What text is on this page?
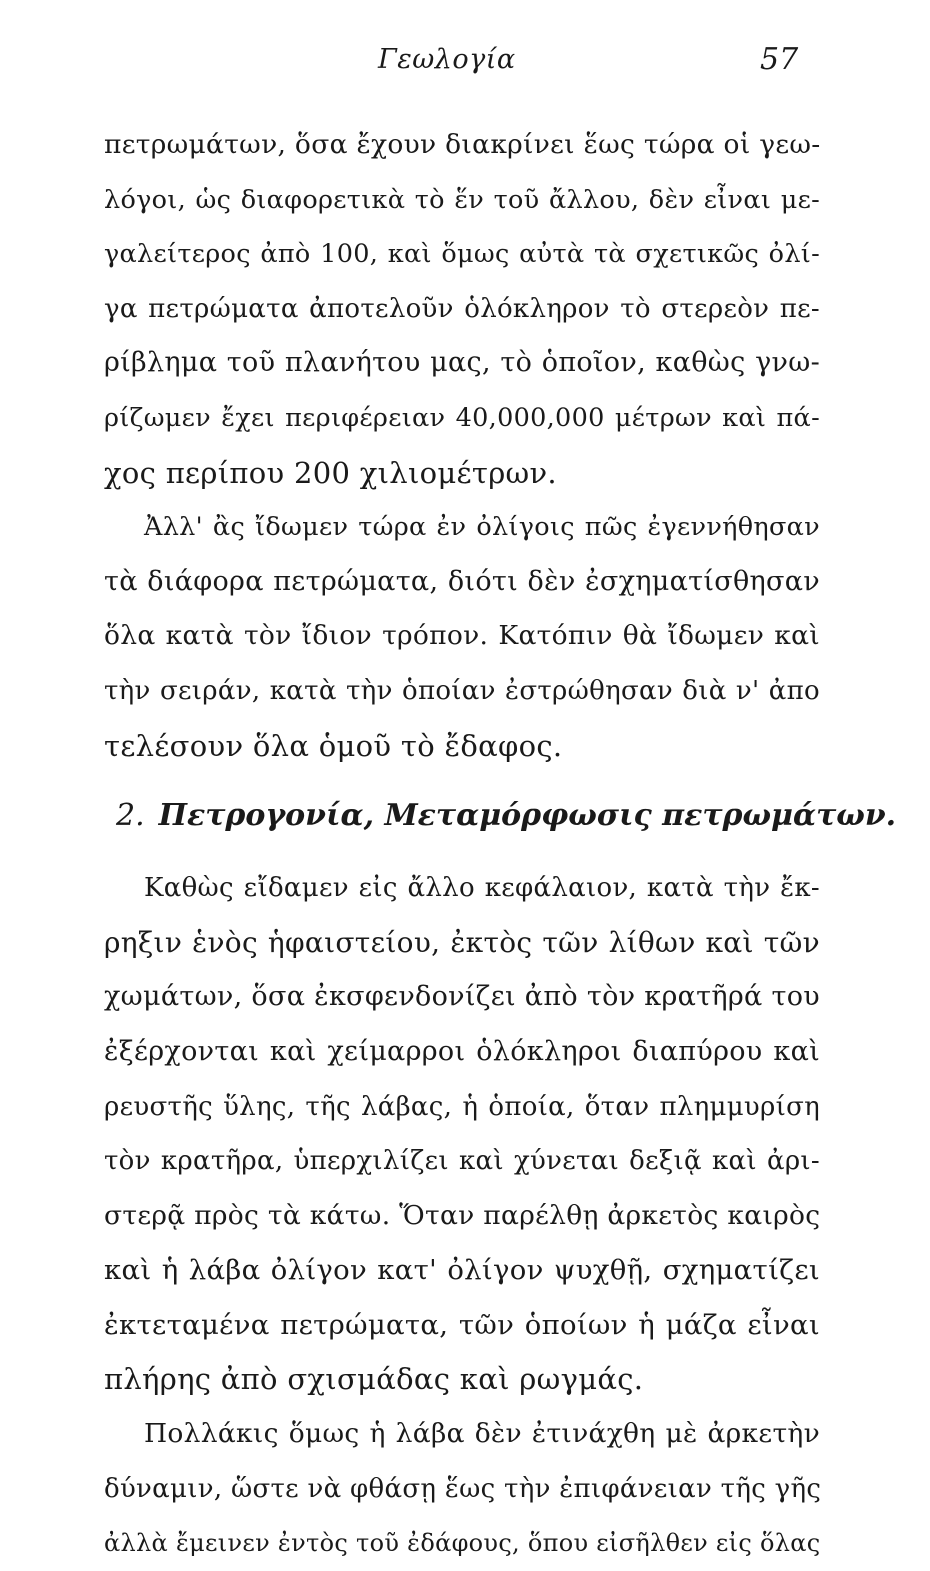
Γεωλογία	57
πετρωμάτων, ὅσα ἔχουν διακρίνει ἕως τώρα οἱ γεω-
λόγοι, ὡς διαφορετικὰ τὸ ἕν τοῦ ἄλλου, δὲν εἶναι με-
γαλείτερος ἀπὸ 100, καὶ ὅμως αὐτὰ τὰ σχετικῶς ὀλί-
γα πετρώματα ἀποτελοῦν ὁλόκληρον τὸ στερεὸν πε-
ρίβλημα τοῦ πλανήτου μας, τὸ ὁποῖον, καθὼς γνω-
ρίζωμεν ἔχει περιφέρειαν 40,000,000 μέτρων καὶ πά-
χος περίπου 200 χιλιομέτρων.
Ἀλλ' ἂς ἴδωμεν τώρα ἐν ὀλίγοις πῶς ἐγεννήθησαν
τὰ διάφορα πετρώματα, διότι δὲν ἐσχηματίσθησαν
ὅλα κατὰ τὸν ἴδιον τρόπον. Κατόπιν θὰ ἴδωμεν καὶ
τὴν σειράν, κατὰ τὴν ὁποίαν ἐστρώθησαν διὰ ν' ἀπο
τελέσουν ὅλα ὁμοῦ τὸ ἔδαφος.
2. Πετρογονία, Μεταμόρφωσις πετρωμάτων.
Καθὼς εἴδαμεν εἰς ἄλλο κεφάλαιον, κατὰ τὴν ἔκ-
ρηξιν ἑνὸς ἡφαιστείου, ἐκτὸς τῶν λίθων καὶ τῶν
χωμάτων, ὅσα ἐκσφενδονίζει ἀπὸ τὸν κρατῆρά του
ἐξέρχονται καὶ χείμαρροι ὁλόκληροι διαπύρου καὶ
ρευστῆς ὕλης, τῆς λάβας, ἡ ὁποία, ὅταν πλημμυρίση
τὸν κρατῆρα, ὑπερχιλίζει καὶ χύνεται δεξιᾷ καὶ ἀρι-
στερᾷ πρὸς τὰ κάτω. Ὅταν παρέλθῃ ἀρκετὸς καιρὸς
καὶ ἡ λάβα ὀλίγον κατ' ὀλίγον ψυχθῇ, σχηματίζει
ἐκτεταμένα πετρώματα, τῶν ὁποίων ἡ μάζα εἶναι
πλήρης ἀπὸ σχισμάδας καὶ ρωγμάς.
Πολλάκις ὅμως ἡ λάβα δὲν ἐτινάχθη μὲ ἀρκετὴν
δύναμιν, ὥστε νὰ φθάσῃ ἕως τὴν ἐπιφάνειαν τῆς γῆς
ἀλλὰ ἔμεινεν ἐντὸς τοῦ ἐδάφους, ὅπου εἰσῆλθεν εἰς ὅλας
